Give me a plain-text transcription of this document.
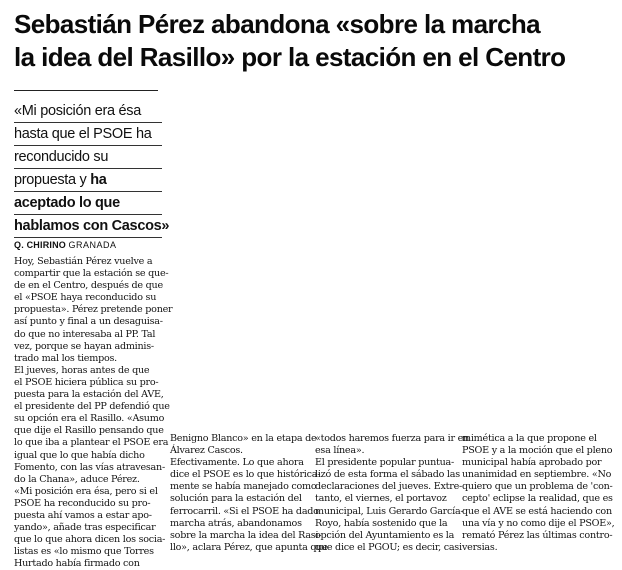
Sebastián Pérez abandona «sobre la marcha
la idea del Rasillo» por la estación en el Centro
«Mi posición era ésa
hasta que el PSOE ha
reconducido su
propuesta y ha
aceptado lo que
hablamos con Cascos»
Q. CHIRINO GRANADA
Hoy, Sebastián Pérez vuelve a
compartir que la estación se que-
de en el Centro, después de que
el «PSOE haya reconducido su
propuesta». Pérez pretende poner
así punto y final a un desaguisa-
do que no interesaba al PP. Tal
vez, porque se hayan adminis-
trado mal los tiempos.
El jueves, horas antes de que
el PSOE hiciera pública su pro-
puesta para la estación del AVE,
el presidente del PP defendió que
su opción era el Rasillo. «Asumo
que dije el Rasillo pensando que
lo que iba a plantear el PSOE era
igual que lo que había dicho
Fomento, con las vías atravesan-
do la Chana», aduce Pérez.
«Mi posición era ésa, pero si el
PSOE ha reconducido su pro-
puesta ahí vamos a estar apo-
yando», añade tras especificar
que lo que ahora dicen los socia-
listas es «lo mismo que Torres
Hurtado había firmado con
Benigno Blanco» en la etapa de
Álvarez Cascos.
Efectivamente. Lo que ahora
dice el PSOE es lo que histórica-
mente se había manejado como
solución para la estación del
ferrocarril. «Si el PSOE ha dado
marcha atrás, abandonamos
sobre la marcha la idea del Rasi-
llo», aclara Pérez, que apunta que
«todos haremos fuerza para ir en
esa línea».
El presidente popular puntua-
lizó de esta forma el sábado las
declaraciones del jueves. Extre-
tanto, el viernes, el portavoz
municipal, Luis Gerardo García-
Royo, había sostenido que la
opción del Ayuntamiento es la
que dice el PGOU; es decir, casi
mimética a la que propone el
PSOE y a la moción que el pleno
municipal había aprobado por
unanimidad en septiembre. «No
quiero que un problema de 'con-
cepto' eclipse la realidad, que es
que el AVE se está haciendo con
una vía y no como dije el PSOE»,
remató Pérez las últimas contro-
versias.
